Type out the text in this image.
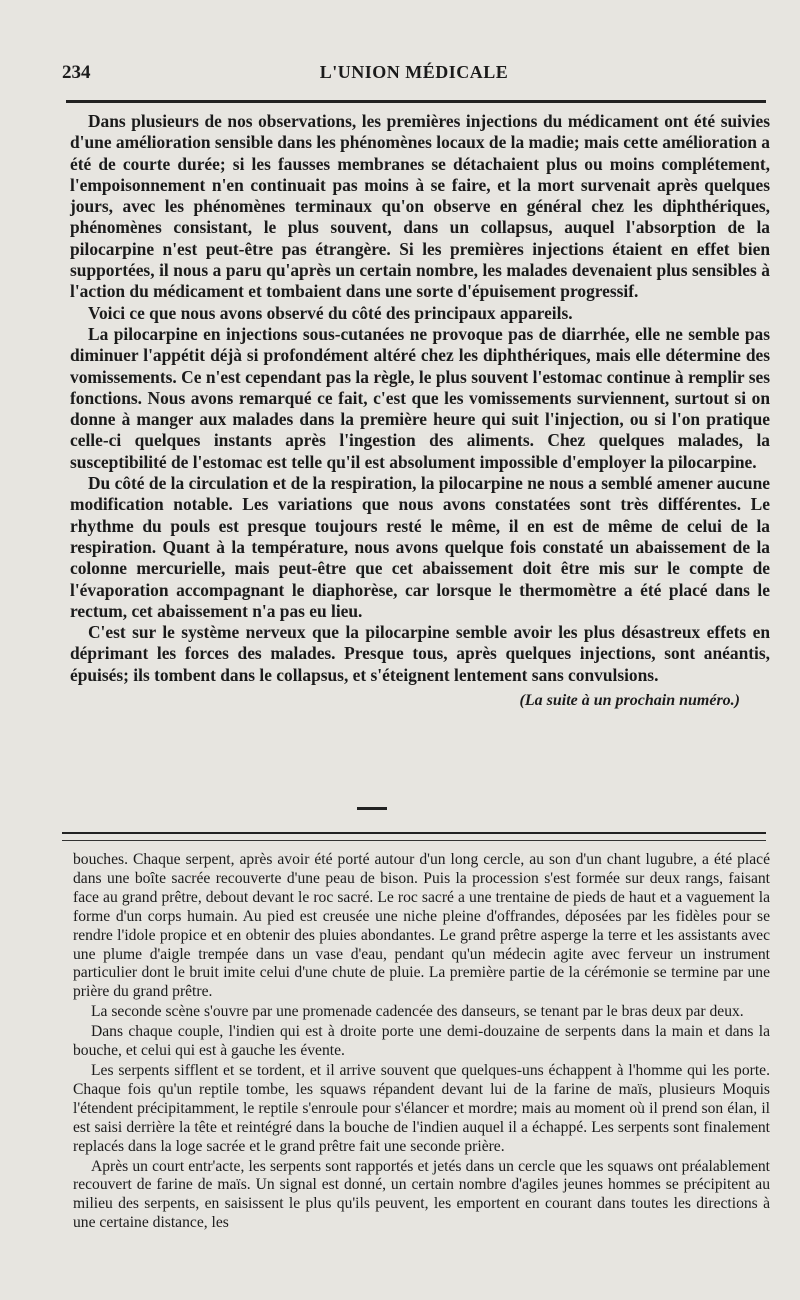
234	L'UNION MÉDICALE

Dans plusieurs de nos observations, les premières injections du médicament ont été suivies d'une amélioration sensible dans les phénomènes locaux de la madie; mais cette amélioration a été de courte durée; si les fausses membranes se détachaient plus ou moins complétement, l'empoisonnement n'en continuait pas moins à se faire, et la mort survenait après quelques jours, avec les phénomènes terminaux qu'on observe en général chez les diphthériques, phénomènes consistant, le plus souvent, dans un collapsus, auquel l'absorption de la pilocarpine n'est peut-être pas étrangère. Si les premières injections étaient en effet bien supportées, il nous a paru qu'après un certain nombre, les malades devenaient plus sensibles à l'action du médicament et tombaient dans une sorte d'épuisement progressif.

Voici ce que nous avons observé du côté des principaux appareils.

La pilocarpine en injections sous-cutanées ne provoque pas de diarrhée, elle ne semble pas diminuer l'appétit déjà si profondément altéré chez les diphthériques, mais elle détermine des vomissements. Ce n'est cependant pas la règle, le plus souvent l'estomac continue à remplir ses fonctions. Nous avons remarqué ce fait, c'est que les vomissements surviennent, surtout si on donne à manger aux malades dans la première heure qui suit l'injection, ou si l'on pratique celle-ci quelques instants après l'ingestion des aliments. Chez quelques malades, la susceptibilité de l'estomac est telle qu'il est absolument impossible d'employer la pilocarpine.

Du côté de la circulation et de la respiration, la pilocarpine ne nous a semblé amener aucune modification notable. Les variations que nous avons constatées sont très différentes. Le rhythme du pouls est presque toujours resté le même, il en est de même de celui de la respiration. Quant à la température, nous avons quelque fois constaté un abaissement de la colonne mercurielle, mais peut-être que cet abaissement doit être mis sur le compte de l'évaporation accompagnant le diaphorèse, car lorsque le thermomètre a été placé dans le rectum, cet abaissement n'a pas eu lieu.

C'est sur le système nerveux que la pilocarpine semble avoir les plus désastreux effets en déprimant les forces des malades. Presque tous, après quelques injections, sont anéantis, épuisés; ils tombent dans le collapsus, et s'éteignent lentement sans convulsions.

(La suite à un prochain numéro.)

bouches. Chaque serpent, après avoir été porté autour d'un long cercle, au son d'un chant lugubre, a été placé dans une boîte sacrée recouverte d'une peau de bison. Puis la procession s'est formée sur deux rangs, faisant face au grand prêtre, debout devant le roc sacré. Le roc sacré a une trentaine de pieds de haut et a vaguement la forme d'un corps humain. Au pied est creusée une niche pleine d'offrandes, déposées par les fidèles pour se rendre l'idole propice et en obtenir des pluies abondantes. Le grand prêtre asperge la terre et les assistants avec une plume d'aigle trempée dans un vase d'eau, pendant qu'un médecin agite avec ferveur un instrument particulier dont le bruit imite celui d'une chute de pluie. La première partie de la cérémonie se termine par une prière du grand prêtre.

La seconde scène s'ouvre par une promenade cadencée des danseurs, se tenant par le bras deux par deux.

Dans chaque couple, l'indien qui est à droite porte une demi-douzaine de serpents dans la main et dans la bouche, et celui qui est à gauche les évente.

Les serpents sifflent et se tordent, et il arrive souvent que quelques-uns échappent à l'homme qui les porte. Chaque fois qu'un reptile tombe, les squaws répandent devant lui de la farine de maïs, plusieurs Moquis l'étendent précipitamment, le reptile s'enroule pour s'élancer et mordre; mais au moment où il prend son élan, il est saisi derrière la tête et reintégré dans la bouche de l'indien auquel il a échappé. Les serpents sont finalement replacés dans la loge sacrée et le grand prêtre fait une seconde prière.

Après un court entr'acte, les serpents sont rapportés et jetés dans un cercle que les squaws ont préalablement recouvert de farine de maïs. Un signal est donné, un certain nombre d'agiles jeunes hommes se précipitent au milieu des serpents, en saisissent le plus qu'ils peuvent, les emportent en courant dans toutes les directions à une certaine distance, les
